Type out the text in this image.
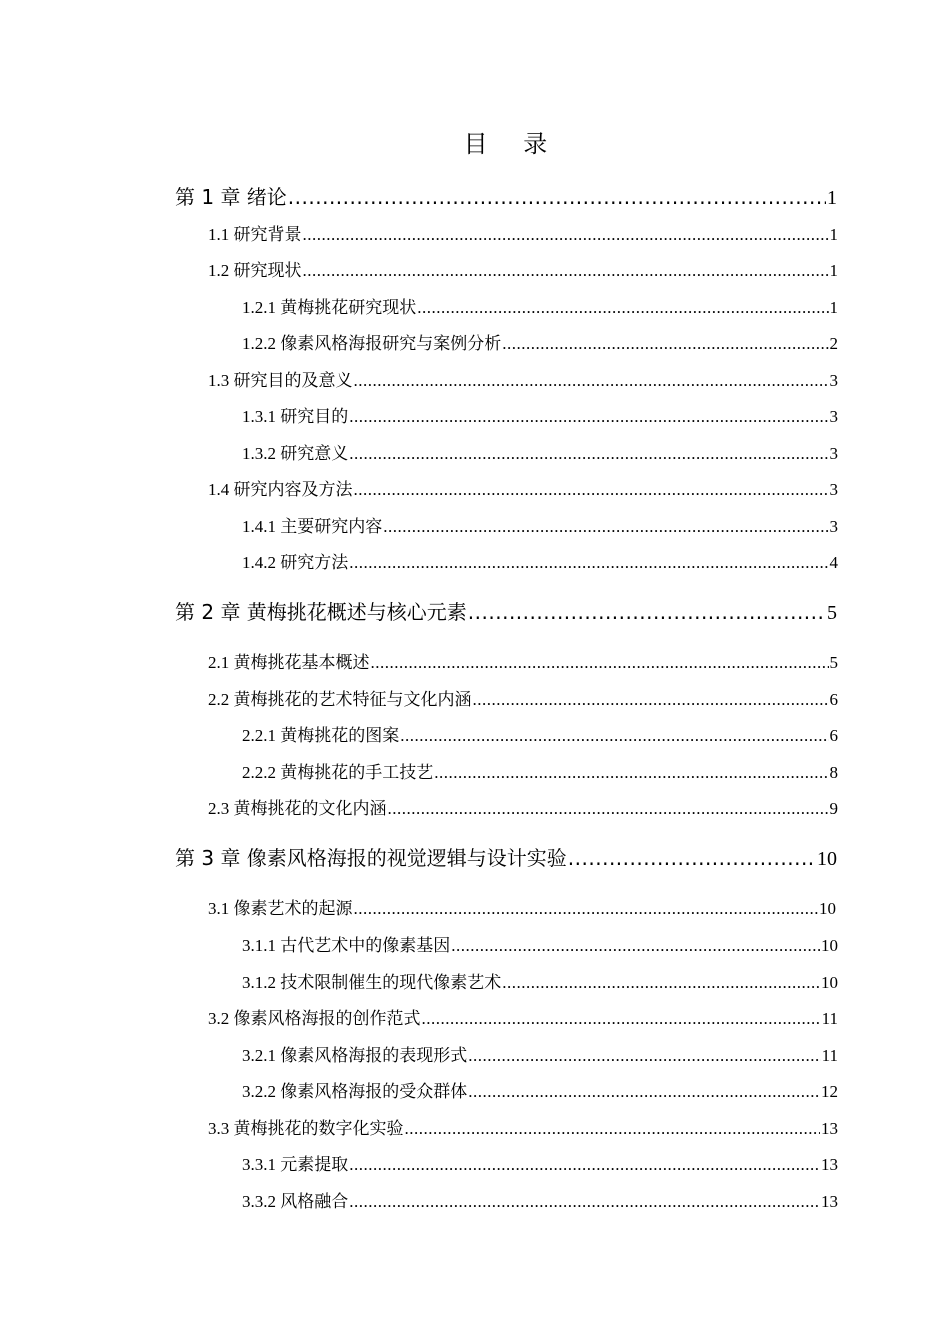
目 录
第 1 章 绪论 .....	1
1.1 研究背景 .....	1
1.2 研究现状 .....	1
1.2.1 黄梅挑花研究现状 .....	1
1.2.2 像素风格海报研究与案例分析 .....	2
1.3 研究目的及意义 .....	3
1.3.1 研究目的 .....	3
1.3.2 研究意义 .....	3
1.4 研究内容及方法 .....	3
1.4.1 主要研究内容 .....	3
1.4.2 研究方法 .....	4
第 2 章 黄梅挑花概述与核心元素 .....	5
2.1 黄梅挑花基本概述 .....	5
2.2 黄梅挑花的艺术特征与文化内涵 .....	6
2.2.1 黄梅挑花的图案 .....	6
2.2.2 黄梅挑花的手工技艺 .....	8
2.3 黄梅挑花的文化内涵 .....	9
第 3 章 像素风格海报的视觉逻辑与设计实验 .....	10
3.1 像素艺术的起源 .....	10
3.1.1 古代艺术中的像素基因 .....	10
3.1.2 技术限制催生的现代像素艺术 .....	10
3.2 像素风格海报的创作范式 .....	11
3.2.1 像素风格海报的表现形式 .....	11
3.2.2 像素风格海报的受众群体 .....	12
3.3 黄梅挑花的数字化实验 .....	13
3.3.1 元素提取 .....	13
3.3.2 风格融合 .....	13
